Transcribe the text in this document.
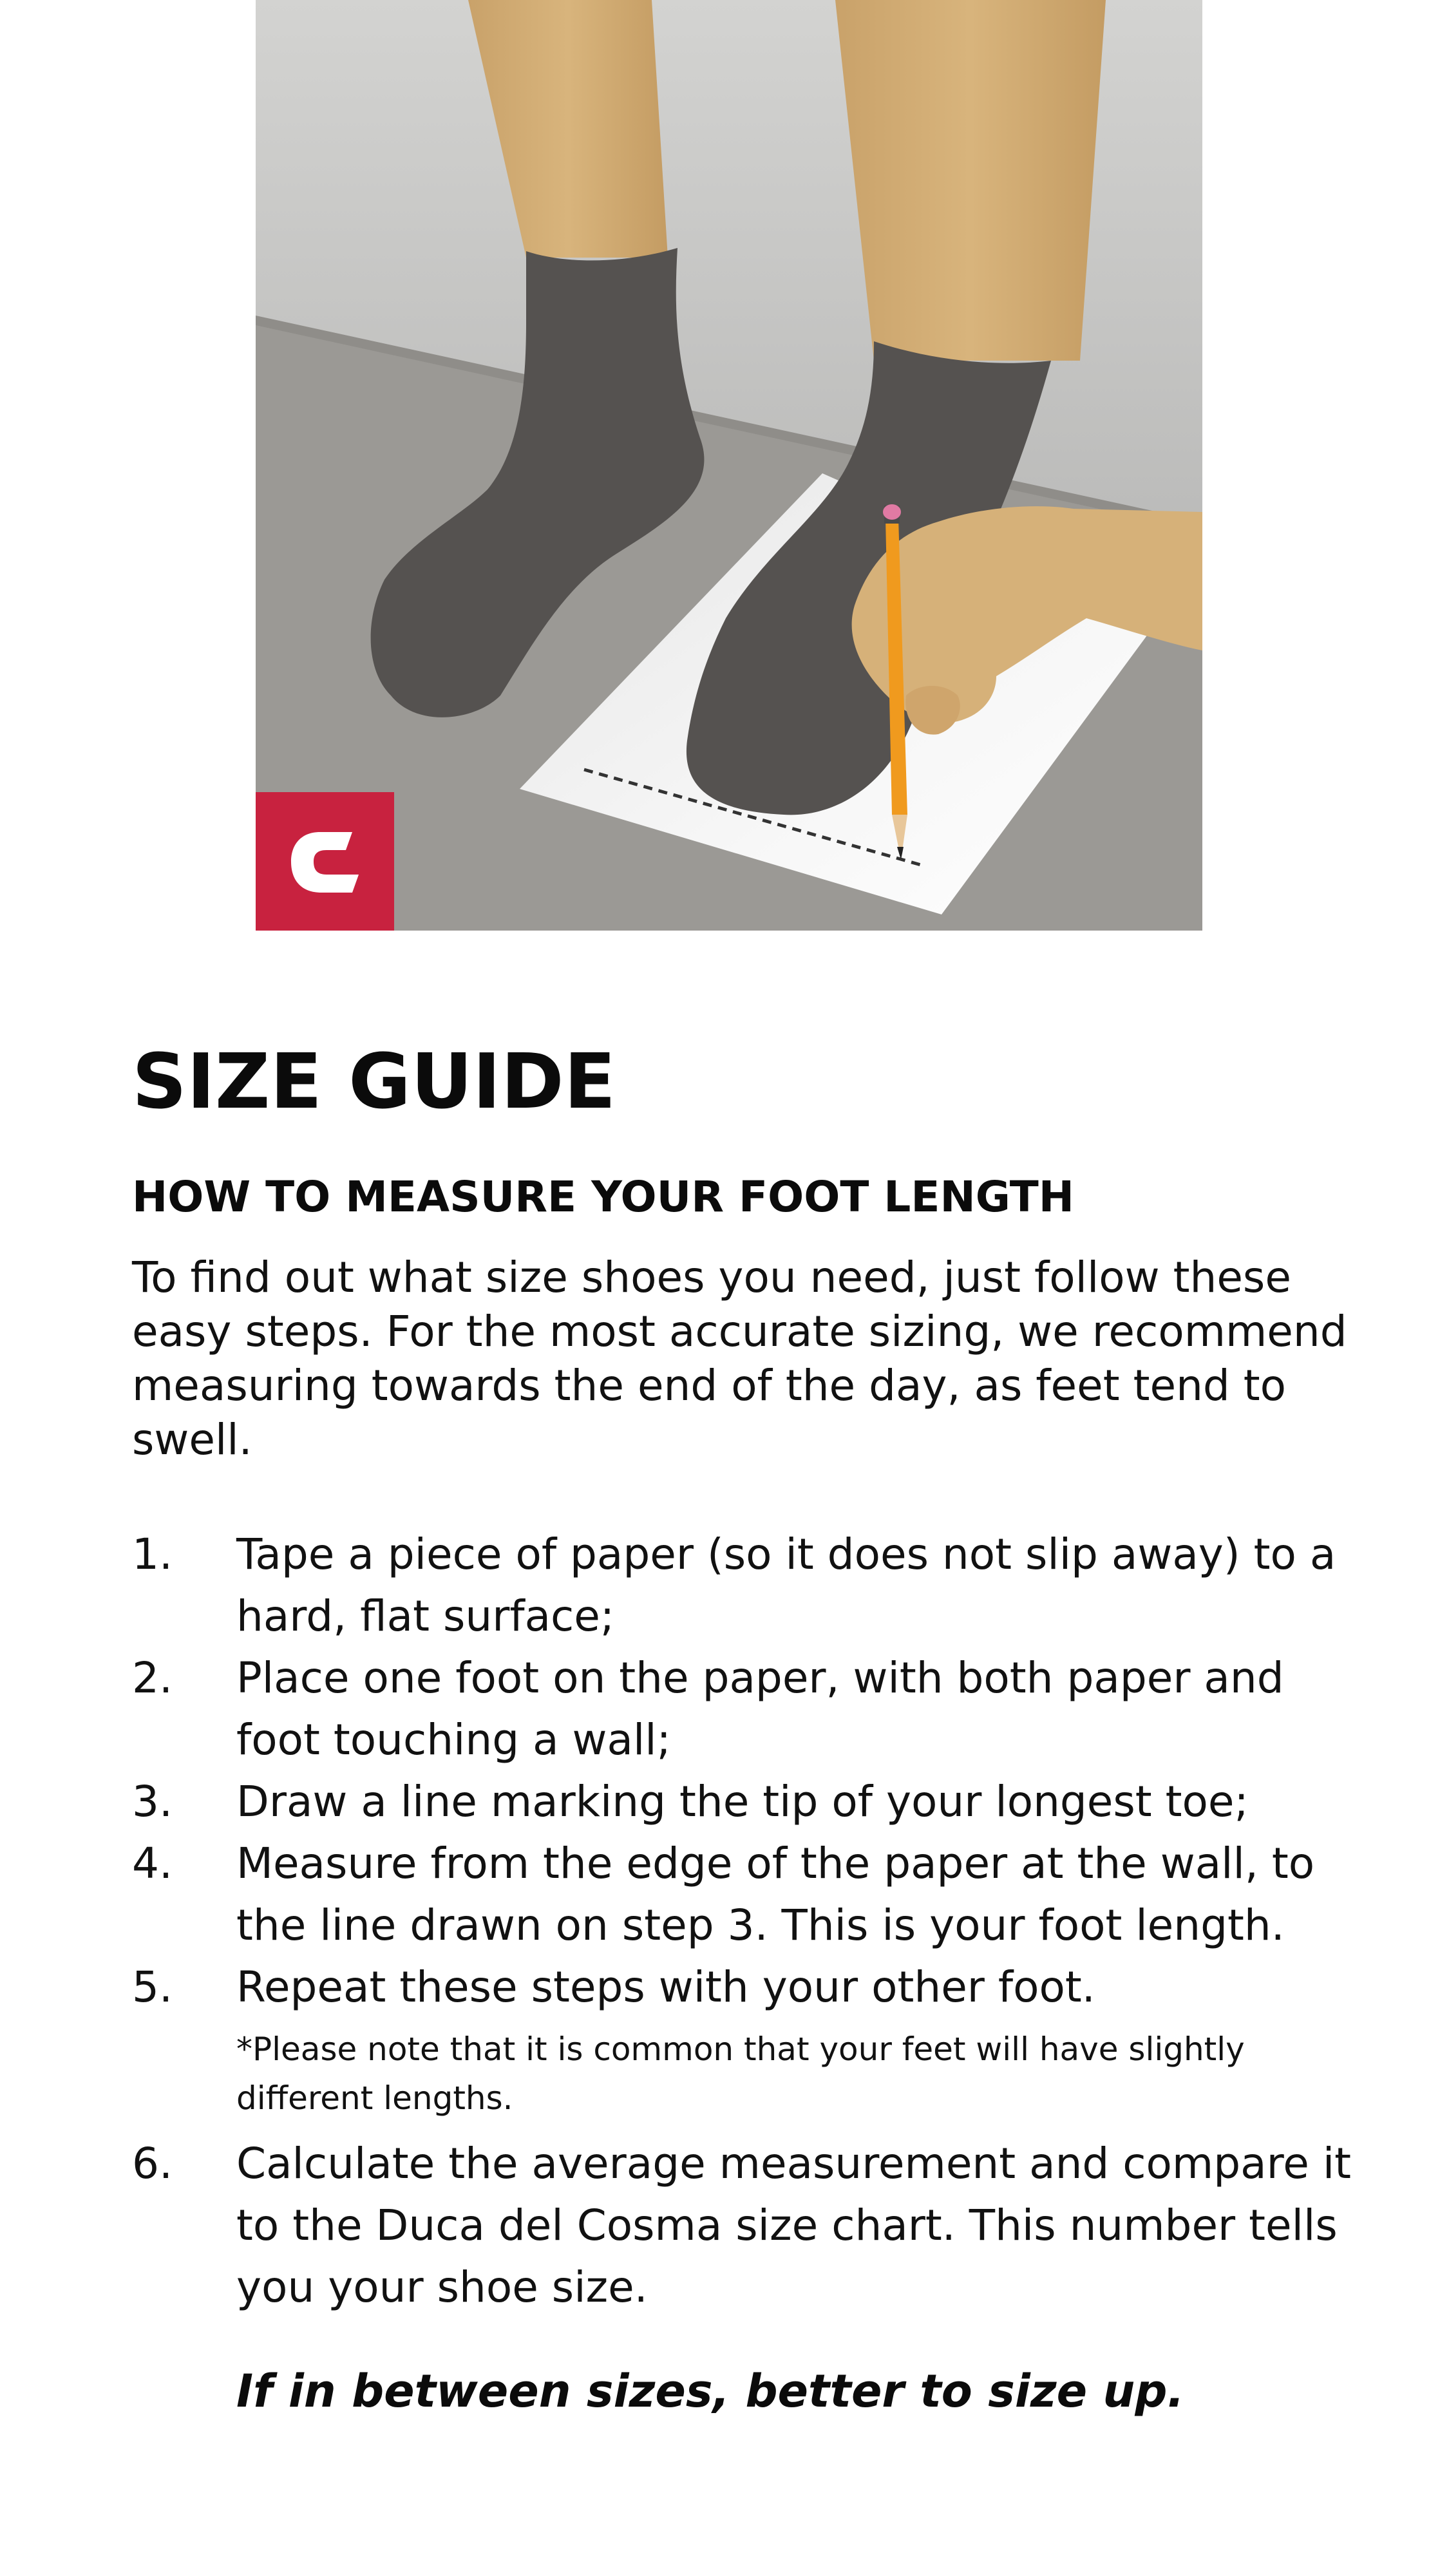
SIZE GUIDE
HOW TO MEASURE YOUR FOOT LENGTH

To find out what size shoes you need, just follow these easy steps. For the most accurate sizing, we recommend measuring towards the end of the day, as feet tend to swell.

1. Tape a piece of paper (so it does not slip away) to a hard, flat surface;
2. Place one foot on the paper, with both paper and foot touching a wall;
3. Draw a line marking the tip of your longest toe;
4. Measure from the edge of the paper at the wall, to the line drawn on step 3. This is your foot length.
5. Repeat these steps with your other foot.
*Please note that it is common that your feet will have slightly different lengths.
6. Calculate the average measurement and compare it to the Duca del Cosma size chart. This number tells you your shoe size.

If in between sizes, better to size up.
